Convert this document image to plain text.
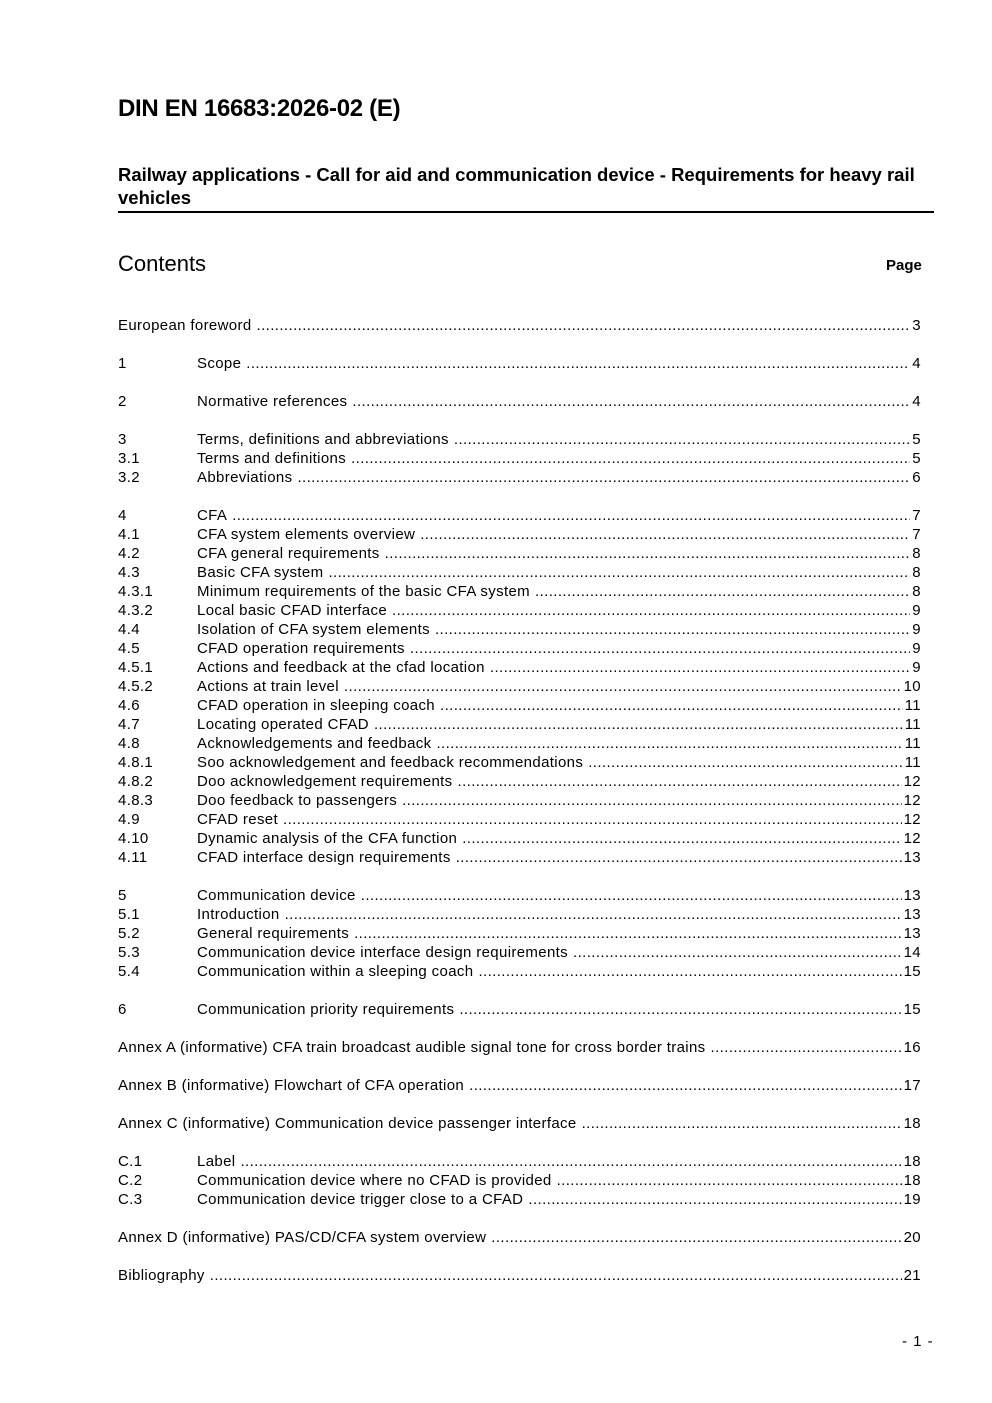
DIN EN 16683:2026-02 (E)
Railway applications - Call for aid and communication device - Requirements for heavy rail vehicles
Contents	Page
European foreword .....	3
1	Scope .....	4
2	Normative references .....	4
3	Terms, definitions and abbreviations .....	5
3.1	Terms and definitions .....	5
3.2	Abbreviations .....	6
4	CFA .....	7
4.1	CFA system elements overview .....	7
4.2	CFA general requirements .....	8
4.3	Basic CFA system .....	8
4.3.1	Minimum requirements of the basic CFA system .....	8
4.3.2	Local basic CFAD interface .....	9
4.4	Isolation of CFA system elements .....	9
4.5	CFAD operation requirements .....	9
4.5.1	Actions and feedback at the cfad location .....	9
4.5.2	Actions at train level .....	10
4.6	CFAD operation in sleeping coach .....	11
4.7	Locating operated CFAD .....	11
4.8	Acknowledgements and feedback .....	11
4.8.1	Soo acknowledgement and feedback recommendations .....	11
4.8.2	Doo acknowledgement requirements .....	12
4.8.3	Doo feedback to passengers .....	12
4.9	CFAD reset .....	12
4.10	Dynamic analysis of the CFA function .....	12
4.11	CFAD interface design requirements .....	13
5	Communication device .....	13
5.1	Introduction .....	13
5.2	General requirements .....	13
5.3	Communication device interface design requirements .....	14
5.4	Communication within a sleeping coach .....	15
6	Communication priority requirements .....	15
Annex A (informative) CFA train broadcast audible signal tone for cross border trains .....	16
Annex B (informative) Flowchart of CFA operation .....	17
Annex C (informative) Communication device passenger interface .....	18
C.1	Label .....	18
C.2	Communication device where no CFAD is provided .....	18
C.3	Communication device trigger close to a CFAD .....	19
Annex D (informative) PAS/CD/CFA system overview .....	20
Bibliography .....	21
- 1 -
